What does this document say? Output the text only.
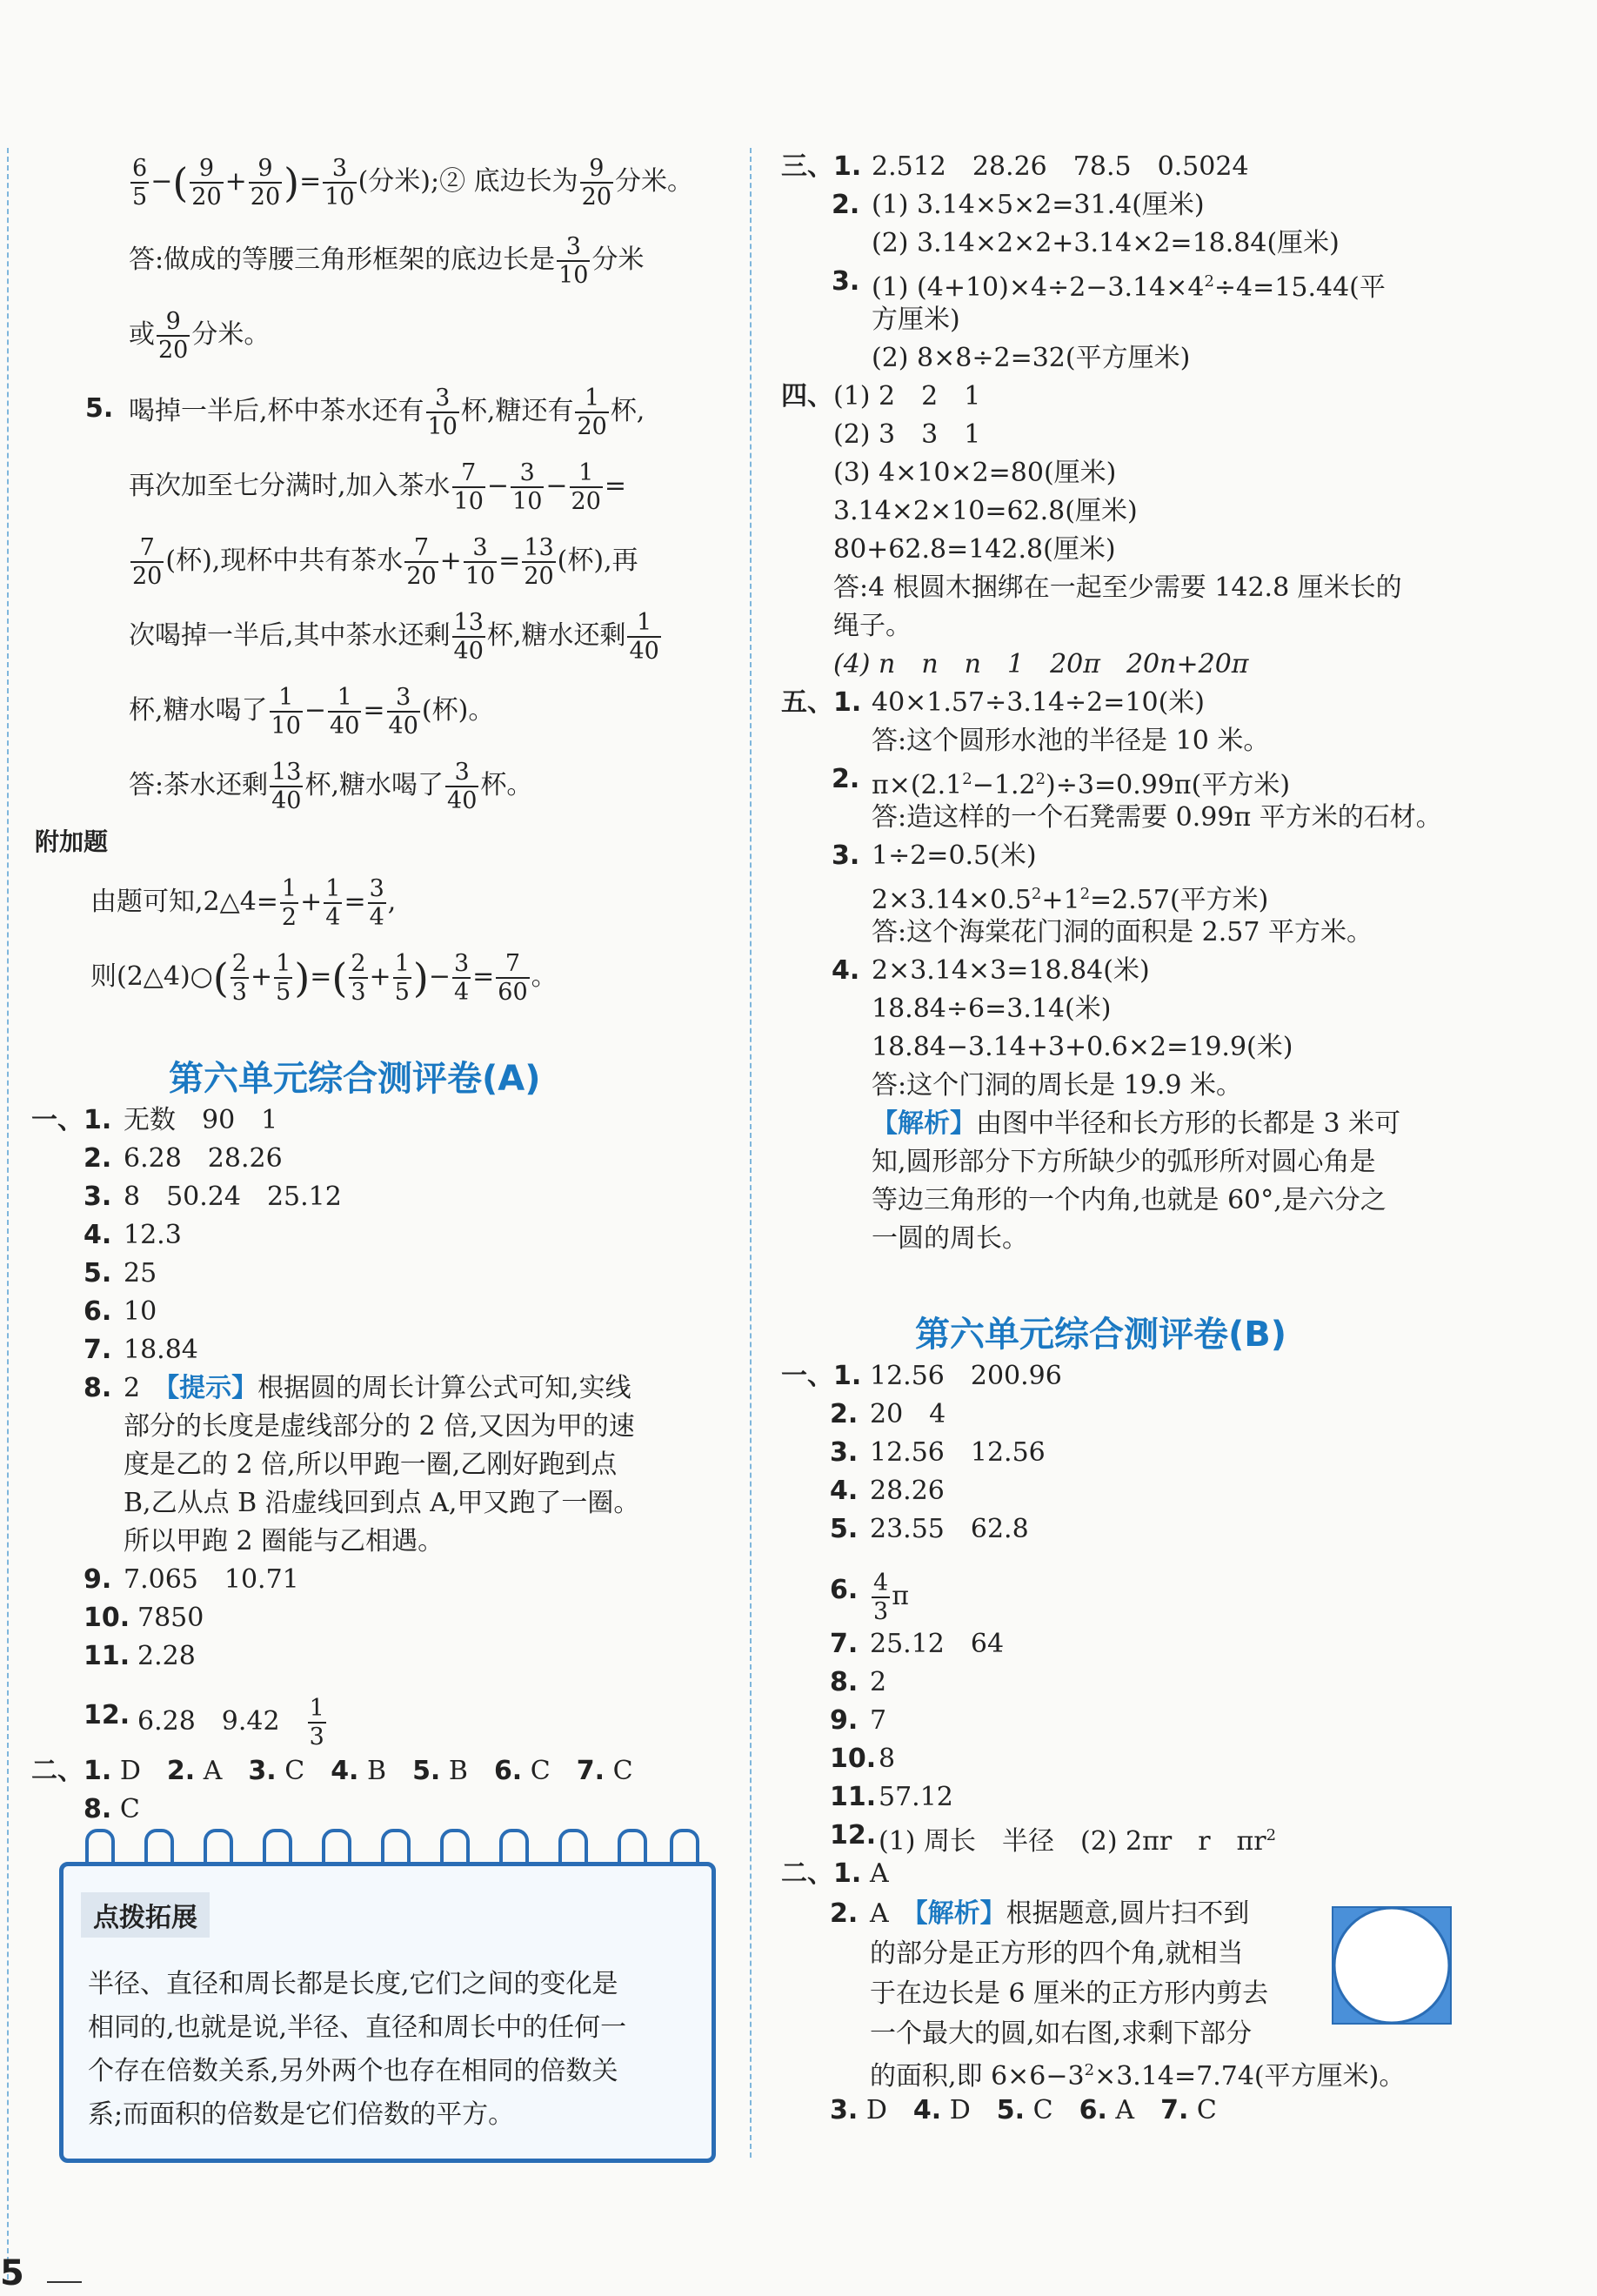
$\frac{6}{5}$ −( $\frac{9}{20} + \frac{9}{20}$ )= $\frac{3}{10}$ (分米);② 底边长为 $\frac{9}{20}$ 分米。
答:做成的等腰三角形框架的底边长是 $\frac{3}{10}$ 分米
或 $\frac{9}{20}$ 分米。
5. 喝掉一半后,杯中茶水还有 $\frac{3}{10}$ 杯,糖还有 $\frac{1}{20}$ 杯,
再次加至七分满时,加入茶水 $\frac{7}{10} - \frac{3}{10} - \frac{1}{20}$ =
$\frac{7}{20}$ (杯),现杯中共有茶水 $\frac{7}{20} + \frac{3}{10} = \frac{13}{20}$ (杯),再
次喝掉一半后,其中茶水还剩 $\frac{13}{40}$ 杯,糖水还剩 $\frac{1}{40}$
杯,糖水喝了 $\frac{1}{10} - \frac{1}{40} = \frac{3}{40}$ (杯)。
答:茶水还剩 $\frac{13}{40}$ 杯,糖水喝了 $\frac{3}{40}$ 杯。
附加题
由题可知,2△4= $\frac{1}{2} + \frac{1}{4} = \frac{3}{4}$ ,
则(2△4)○( $\frac{2}{3} + \frac{1}{5}$ )=( $\frac{2}{3} + \frac{1}{5}$ )− $\frac{3}{4} = \frac{7}{60}$ 。
第六单元综合测评卷(A)
一、1. 无数　90　1
2. 6.28　28.26
3. 8　50.24　25.12
4. 12.3
5. 25
6. 10
7. 18.84
8. 2　【提示】根据圆的周长计算公式可知,实线
部分的长度是虚线部分的 2 倍,又因为甲的速
度是乙的 2 倍,所以甲跑一圈,乙刚好跑到点
B,乙从点 B 沿虚线回到点 A,甲又跑了一圈。
所以甲跑 2 圈能与乙相遇。
9. 7.065　10.71
10. 7850
11. 2.28
12. 6.28　9.42　 $\frac{1}{3}$
二、1. D　 2. A　 3. C　 4. B　 5. B　 6. C　 7. C
8. C
点拨拓展
半径、直径和周长都是长度,它们之间的变化是
相同的,也就是说,半径、直径和周长中的任何一
个存在倍数关系,另外两个也存在相同的倍数关
系;而面积的倍数是它们倍数的平方。
三、1. 2.512　28.26　78.5　0.5024
2. (1) 3.14×5×2=31.4(厘米)
(2) 3.14×2×2+3.14×2=18.84(厘米)
3. (1) $(4+10)\times 4\div 2-3.14\times 4^2\div 4=15.44$(平
方厘米)
(2) 8×8÷2=32(平方厘米)
四、 (1) 2　2　1
(2) 3　3　1
(3) 4×10×2=80(厘米)
3.14×2×10=62.8(厘米)
80+62.8=142.8(厘米)
答:4 根圆木捆绑在一起至少需要 142.8 厘米长的
绳子。
(4) n　n　n　1　20π　20n+20π
五、1. 40×1.57÷3.14÷2=10(米)
答:这个圆形水池的半径是 10 米。
2. $\pi\times(2.1^2-1.2^2)\div 3=0.99\pi$(平方米)
答:造这样的一个石凳需要 0.99π 平方米的石材。
3. 1÷2=0.5(米)
$2\times 3.14\times 0.5^2+1^2=2.57$(平方米)
答:这个海棠花门洞的面积是 2.57 平方米。
4. 2×3.14×3=18.84(米)
18.84÷6=3.14(米)
18.84−3.14+3+0.6×2=19.9(米)
答:这个门洞的周长是 19.9 米。
【解析】由图中半径和长方形的长都是 3 米可
知,圆形部分下方所缺少的弧形所对圆心角是
等边三角形的一个内角,也就是 60°,是六分之
一圆的周长。
第六单元综合测评卷(B)
一、1. 12.56　200.96
2. 20　4
3. 12.56　12.56
4. 28.26
5. 23.55　62.8
6. $\frac{4}{3}$ π
7. 25.12　64
8. 2
9. 7
10. 8
11. 57.12
12. (1) 周长　半径　(2) 2πr　r　$\pi r^2$
二、1. A
2. A　【解析】根据题意,圆片扫不到
的部分是正方形的四个角,就相当
于在边长是 6 厘米的正方形内剪去
一个最大的圆,如右图,求剩下部分
的面积,即 $6\times 6-3^2\times 3.14=7.74$(平方厘米)。
3. D　 4. D　 5. C　 6. A　 7. C
5
